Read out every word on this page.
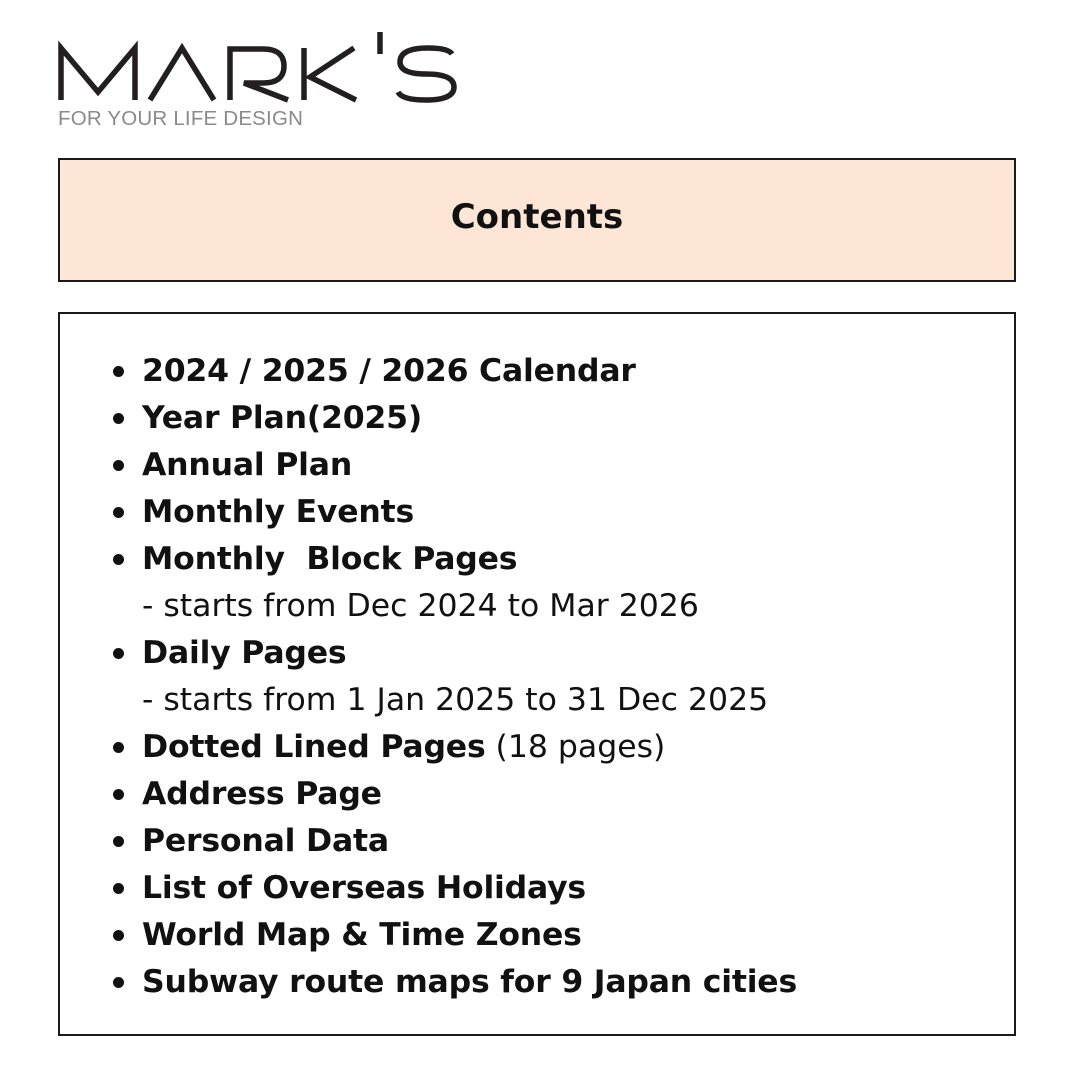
FOR YOUR LIFE DESIGN
Contents
2024 / 2025 / 2026 Calendar
Year Plan(2025)
Annual Plan
Monthly Events
Monthly  Block Pages
- starts from Dec 2024 to Mar 2026
Daily Pages
- starts from 1 Jan 2025 to 31 Dec 2025
Dotted Lined Pages (18 pages)
Address Page
Personal Data
List of Overseas Holidays
World Map & Time Zones
Subway route maps for 9 Japan cities
